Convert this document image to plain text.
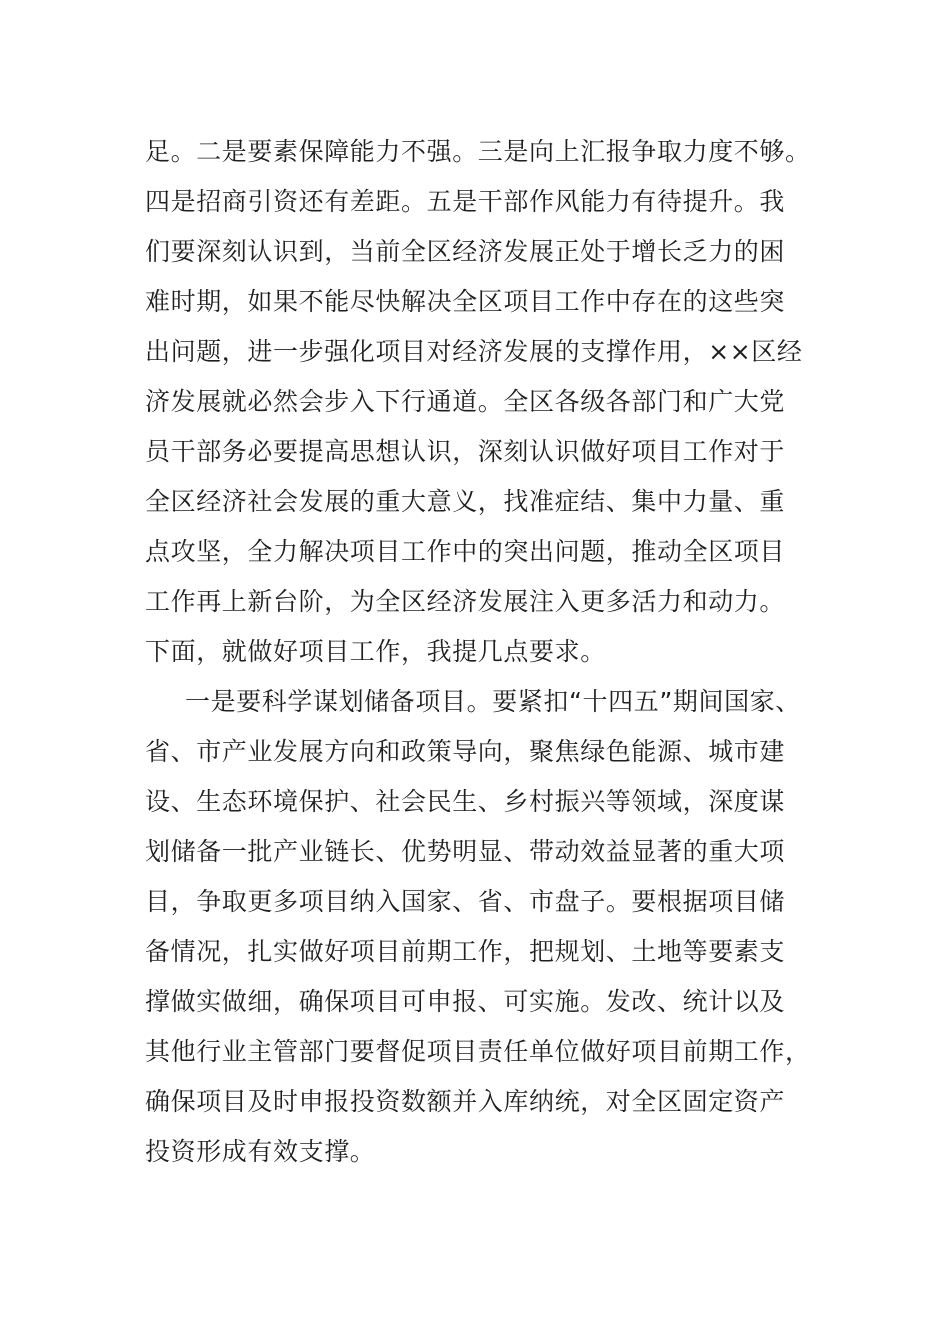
足。二是要素保障能力不强。三是向上汇报争取力度不够。
四是招商引资还有差距。五是干部作风能力有待提升。我
们要深刻认识到，当前全区经济发展正处于增长乏力的困
难时期，如果不能尽快解决全区项目工作中存在的这些突
出问题，进一步强化项目对经济发展的支撑作用，××区经
济发展就必然会步入下行通道。全区各级各部门和广大党
员干部务必要提高思想认识，深刻认识做好项目工作对于
全区经济社会发展的重大意义，找准症结、集中力量、重
点攻坚，全力解决项目工作中的突出问题，推动全区项目
工作再上新台阶，为全区经济发展注入更多活力和动力。
下面，就做好项目工作，我提几点要求。
一是要科学谋划储备项目。要紧扣“十四五”期间国家、
省、市产业发展方向和政策导向，聚焦绿色能源、城市建
设、生态环境保护、社会民生、乡村振兴等领域，深度谋
划储备一批产业链长、优势明显、带动效益显著的重大项
目，争取更多项目纳入国家、省、市盘子。要根据项目储
备情况，扎实做好项目前期工作，把规划、土地等要素支
撑做实做细，确保项目可申报、可实施。发改、统计以及
其他行业主管部门要督促项目责任单位做好项目前期工作，
确保项目及时申报投资数额并入库纳统，对全区固定资产
投资形成有效支撑。
